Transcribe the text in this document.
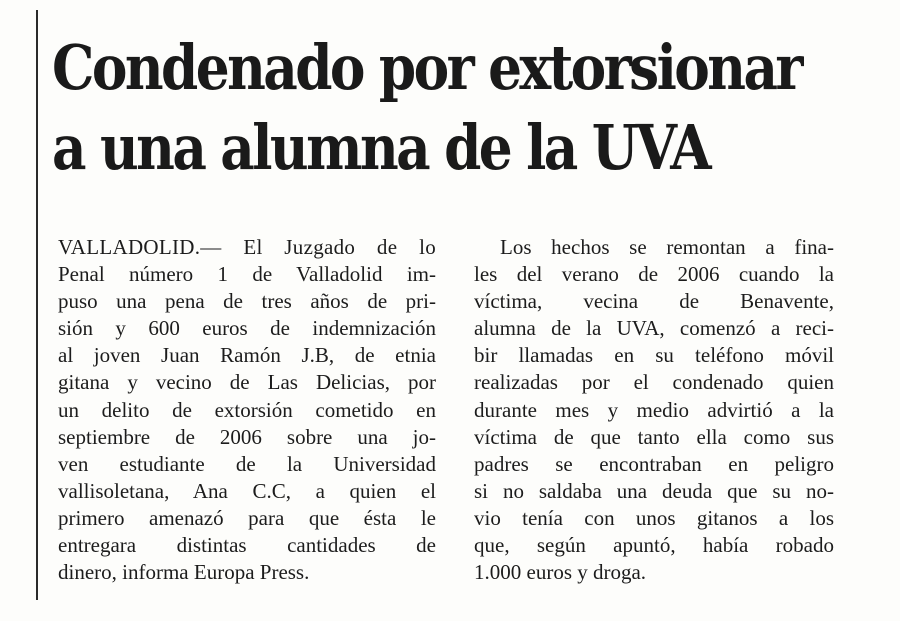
Condenado por extorsionar
a una alumna de la UVA
VALLADOLID.— El Juzgado de lo
Penal número 1 de Valladolid im-
puso una pena de tres años de pri-
sión y 600 euros de indemnización
al joven Juan Ramón J.B, de etnia
gitana y vecino de Las Delicias, por
un delito de extorsión cometido en
septiembre de 2006 sobre una jo-
ven estudiante de la Universidad
vallisoletana, Ana C.C, a quien el
primero amenazó para que ésta le
entregara distintas cantidades de
dinero, informa Europa Press.
Los hechos se remontan a fina-
les del verano de 2006 cuando la
víctima, vecina de Benavente,
alumna de la UVA, comenzó a reci-
bir llamadas en su teléfono móvil
realizadas por el condenado quien
durante mes y medio advirtió a la
víctima de que tanto ella como sus
padres se encontraban en peligro
si no saldaba una deuda que su no-
vio tenía con unos gitanos a los
que, según apuntó, había robado
1.000 euros y droga.
